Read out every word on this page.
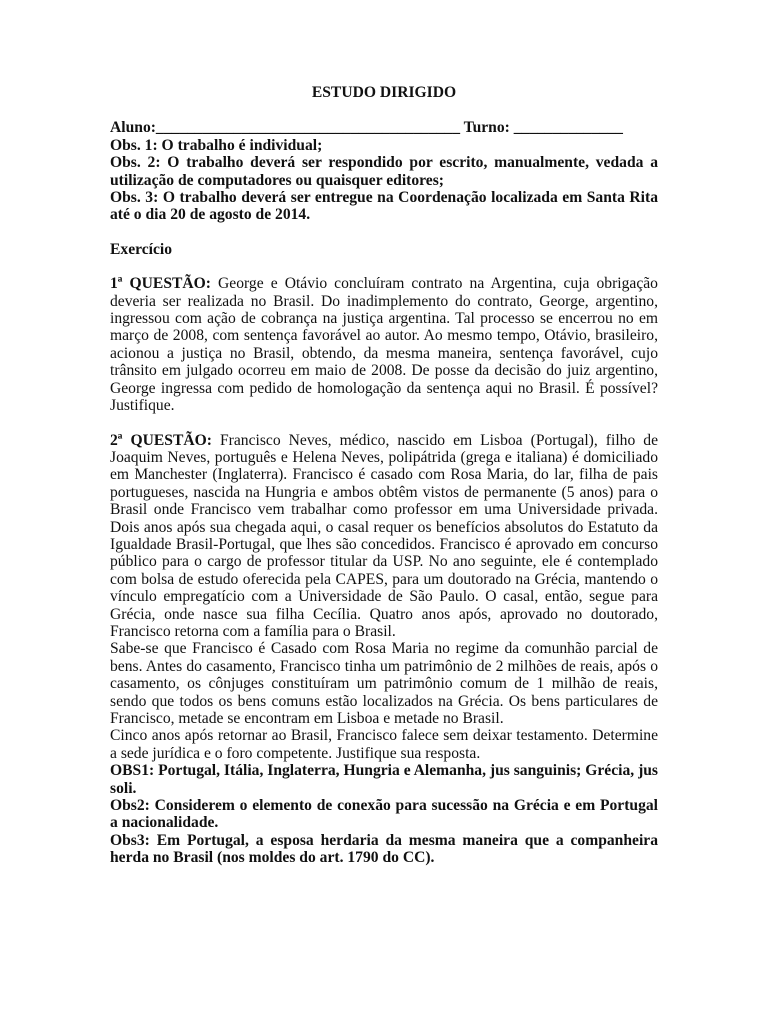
ESTUDO DIRIGIDO

Aluno:_______________________________________ Turno: ______________

Obs. 1: O trabalho é individual;

Obs. 2: O trabalho deverá ser respondido por escrito, manualmente, vedada a utilização de computadores ou quaisquer editores;

Obs. 3: O trabalho deverá ser entregue na Coordenação localizada em Santa Rita até o dia 20 de agosto de 2014.

Exercício

1ª QUESTÃO: George e Otávio concluíram contrato na Argentina, cuja obrigação deveria ser realizada no Brasil. Do inadimplemento do contrato, George, argentino, ingressou com ação de cobrança na justiça argentina. Tal processo se encerrou no em março de 2008, com sentença favorável ao autor. Ao mesmo tempo, Otávio, brasileiro, acionou a justiça no Brasil, obtendo, da mesma maneira, sentença favorável, cujo trânsito em julgado ocorreu em maio de 2008. De posse da decisão do juiz argentino, George ingressa com pedido de homologação da sentença aqui no Brasil. É possível? Justifique.

2ª QUESTÃO: Francisco Neves, médico, nascido em Lisboa (Portugal), filho de Joaquim Neves, português e Helena Neves, polipátrida (grega e italiana) é domiciliado em Manchester (Inglaterra). Francisco é casado com Rosa Maria, do lar, filha de pais portugueses, nascida na Hungria e ambos obtêm vistos de permanente (5 anos) para o Brasil onde Francisco vem trabalhar como professor em uma Universidade privada. Dois anos após sua chegada aqui, o casal requer os benefícios absolutos do Estatuto da Igualdade Brasil-Portugal, que lhes são concedidos. Francisco é aprovado em concurso público para o cargo de professor titular da USP. No ano seguinte, ele é contemplado com bolsa de estudo oferecida pela CAPES, para um doutorado na Grécia, mantendo o vínculo empregatício com a Universidade de São Paulo. O casal, então, segue para Grécia, onde nasce sua filha Cecília. Quatro anos após, aprovado no doutorado, Francisco retorna com a família para o Brasil.

Sabe-se que Francisco é Casado com Rosa Maria no regime da comunhão parcial de bens. Antes do casamento, Francisco tinha um patrimônio de 2 milhões de reais, após o casamento, os cônjuges constituíram um patrimônio comum de 1 milhão de reais, sendo que todos os bens comuns estão localizados na Grécia. Os bens particulares de Francisco, metade se encontram em Lisboa e metade no Brasil.

Cinco anos após retornar ao Brasil, Francisco falece sem deixar testamento. Determine a sede jurídica e o foro competente. Justifique sua resposta.

OBS1: Portugal, Itália, Inglaterra, Hungria e Alemanha, jus sanguinis; Grécia, jus soli.

Obs2: Considerem o elemento de conexão para sucessão na Grécia e em Portugal a nacionalidade.

Obs3: Em Portugal, a esposa herdaria da mesma maneira que a companheira herda no Brasil (nos moldes do art. 1790 do CC).
